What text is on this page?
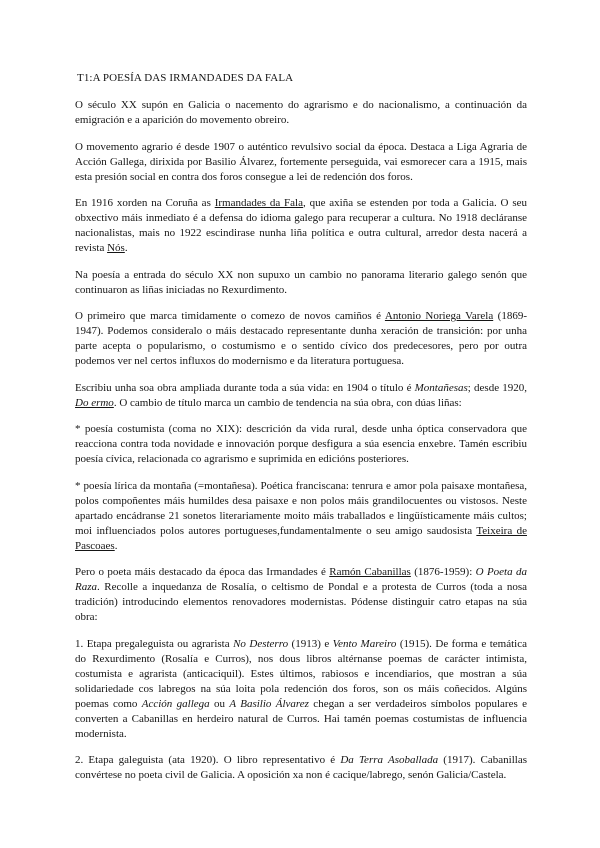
T1:A POESÍA DAS IRMANDADES DA FALA

O século XX supón en Galicia o nacemento do agrarismo e do nacionalismo, a continuación da emigración e a aparición do movemento obreiro.

O movemento agrario é desde 1907 o auténtico revulsivo social da época. Destaca a Liga Agraria de Acción Gallega, dirixida por Basilio Álvarez, fortemente perseguida, vai esmorecer cara a 1915, mais esta presión social en contra dos foros consegue a lei de redención dos foros.

En 1916 xorden na Coruña as Irmandades da Fala, que axiña se estenden por toda a Galicia. O seu obxectivo máis inmediato é a defensa do idioma galego para recuperar a cultura. No 1918 decláranse nacionalistas, mais no 1922 escindirase nunha liña política e outra cultural, arredor desta nacerá a revista Nós.

Na poesía a entrada do século XX non supuxo un cambio no panorama literario galego senón que continuaron as liñas iniciadas no Rexurdimento.

O primeiro que marca timidamente o comezo de novos camiños é Antonio Noriega Varela (1869-1947). Podemos consideralo o máis destacado representante dunha xeración de transición: por unha parte acepta o popularismo, o costumismo e o sentido cívico dos predecesores, pero por outra podemos ver nel certos influxos do modernismo e da literatura portuguesa.

Escribiu unha soa obra ampliada durante toda a súa vida: en 1904 o título é Montañesas; desde 1920, Do ermo. O cambio de título marca un cambio de tendencia na súa obra, con dúas liñas:

* poesía costumista (coma no XIX): descrición da vida rural, desde unha óptica conservadora que reacciona contra toda novidade e innovación porque desfigura a súa esencia enxebre. Tamén escribiu poesía cívica, relacionada co agrarismo e suprimida en edicións posteriores.

* poesía lírica da montaña (=montañesa). Poética franciscana: tenrura e amor pola paisaxe montañesa, polos compoñentes máis humildes desa paisaxe e non polos máis grandilocuentes ou vistosos. Neste apartado encádranse 21 sonetos literariamente moito máis traballados e lingüísticamente máis cultos; moi influenciados polos autores portugueses,fundamentalmente o seu amigo saudosista Teixeira de Pascoaes.

Pero o poeta máis destacado da época das Irmandades é Ramón Cabanillas (1876-1959): O Poeta da Raza. Recolle a inquedanza de Rosalía, o celtismo de Pondal e a protesta de Curros (toda a nosa tradición) introducindo elementos renovadores modernistas. Pódense distinguir catro etapas na súa obra:

1. Etapa pregaleguista ou agrarista No Desterro (1913) e Vento Mareiro (1915). De forma e temática do Rexurdimento (Rosalía e Curros), nos dous libros altérnanse poemas de carácter intimista, costumista e agrarista (anticaciquil). Estes últimos, rabiosos e incendiarios, que mostran a súa solidariedade cos labregos na súa loita pola redención dos foros, son os máis coñecidos. Algúns poemas como Acción gallega ou A Basilio Álvarez chegan a ser verdadeiros símbolos populares e converten a Cabanillas en herdeiro natural de Curros. Hai tamén poemas costumistas de influencia modernista.

2. Etapa galeguista (ata 1920). O libro representativo é Da Terra Asoballada (1917). Cabanillas convértese no poeta civil de Galicia. A oposición xa non é cacique/labrego, senón Galicia/Castela.
